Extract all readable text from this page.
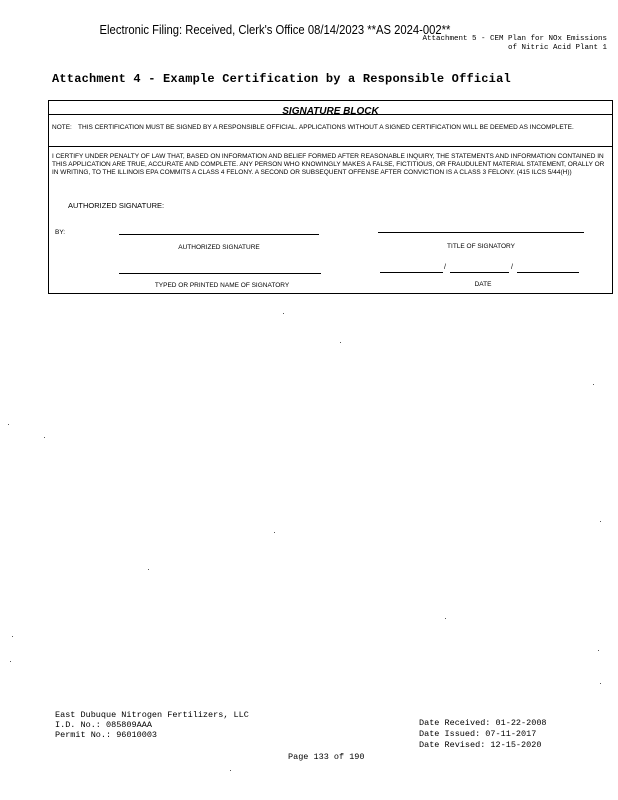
Electronic Filing: Received, Clerk's Office 08/14/2023 **AS 2024-002**
Attachment 5 - CEM Plan for NOx Emissions
of Nitric Acid Plant 1
Attachment 4 - Example Certification by a Responsible Official
SIGNATURE BLOCK
NOTE: THIS CERTIFICATION MUST BE SIGNED BY A RESPONSIBLE OFFICIAL. APPLICATIONS WITHOUT A SIGNED CERTIFICATION WILL BE DEEMED AS INCOMPLETE.
I CERTIFY UNDER PENALTY OF LAW THAT, BASED ON INFORMATION AND BELIEF FORMED AFTER REASONABLE INQUIRY, THE STATEMENTS AND INFORMATION CONTAINED IN THIS APPLICATION ARE TRUE, ACCURATE AND COMPLETE. ANY PERSON WHO KNOWINGLY MAKES A FALSE, FICTITIOUS, OR FRAUDULENT MATERIAL STATEMENT, ORALLY OR IN WRITING, TO THE ILLINOIS EPA COMMITS A CLASS 4 FELONY. A SECOND OR SUBSEQUENT OFFENSE AFTER CONVICTION IS A CLASS 3 FELONY. (415 ILCS 5/44(H))
AUTHORIZED SIGNATURE:
BY:
AUTHORIZED SIGNATURE	TITLE OF SIGNATORY
/	/
TYPED OR PRINTED NAME OF SIGNATORY	DATE
East Dubuque Nitrogen Fertilizers, LLC
I.D. No.: 085809AAA
Permit No.: 96010003
Date Received: 01-22-2008
Date Issued: 07-11-2017
Date Revised: 12-15-2020
Page 133 of 190
